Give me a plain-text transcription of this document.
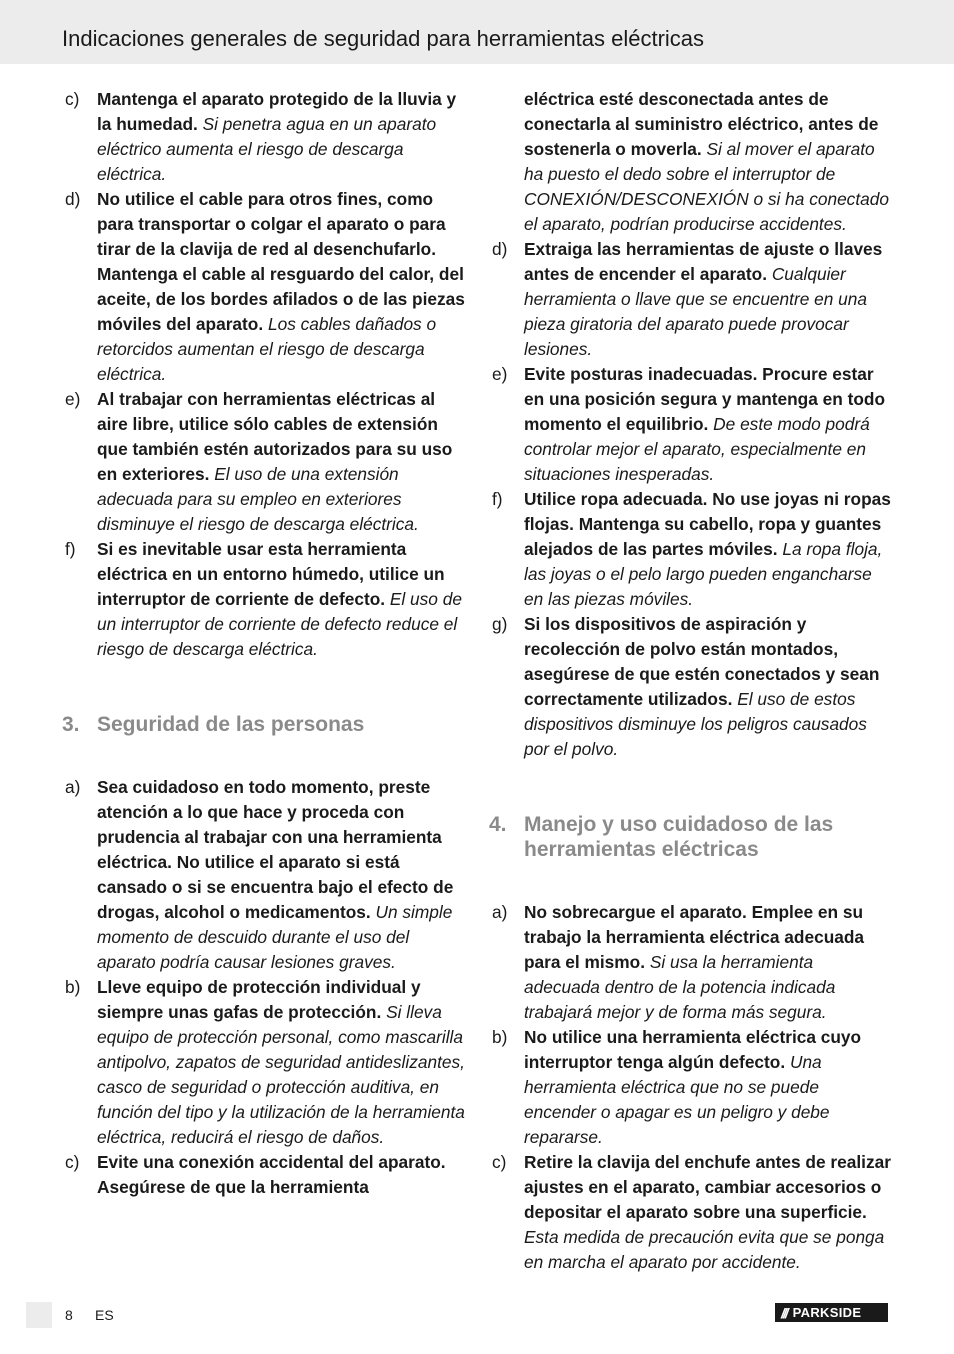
Indicaciones generales de seguridad para herramientas eléctricas

c) Mantenga el aparato protegido de la lluvia y la humedad. Si penetra agua en un aparato eléctrico aumenta el riesgo de descarga eléctrica.

d) No utilice el cable para otros fines, como para transportar o colgar el aparato o para tirar de la clavija de red al desenchufarlo. Mantenga el cable al resguardo del calor, del aceite, de los bordes afilados o de las piezas móviles del aparato. Los cables dañados o retorcidos aumentan el riesgo de descarga eléctrica.

e) Al trabajar con herramientas eléctricas al aire libre, utilice sólo cables de extensión que también estén autorizados para su uso en exteriores. El uso de una extensión adecuada para su empleo en exteriores disminuye el riesgo de descarga eléctrica.

f) Si es inevitable usar esta herramienta eléctrica en un entorno húmedo, utilice un interruptor de corriente de defecto. El uso de un interruptor de corriente de defecto reduce el riesgo de descarga eléctrica.

3. Seguridad de las personas

a) Sea cuidadoso en todo momento, preste atención a lo que hace y proceda con prudencia al trabajar con una herramienta eléctrica. No utilice el aparato si está cansado o si se encuentra bajo el efecto de drogas, alcohol o medicamentos. Un simple momento de descuido durante el uso del aparato podría causar lesiones graves.

b) Lleve equipo de protección individual y siempre unas gafas de protección. Si lleva equipo de protección personal, como mascarilla antipolvo, zapatos de seguridad antideslizantes, casco de seguridad o protección auditiva, en función del tipo y la utilización de la herramienta eléctrica, reducirá el riesgo de daños.

c) Evite una conexión accidental del aparato. Asegúrese de que la herramienta

eléctrica esté desconectada antes de conectarla al suministro eléctrico, antes de sostenerla o moverla. Si al mover el aparato ha puesto el dedo sobre el interruptor de CONEXIÓN/DESCONEXIÓN o si ha conectado el aparato, podrían producirse accidentes.

d) Extraiga las herramientas de ajuste o llaves antes de encender el aparato. Cualquier herramienta o llave que se encuentre en una pieza giratoria del aparato puede provocar lesiones.

e) Evite posturas inadecuadas. Procure estar en una posición segura y mantenga en todo momento el equilibrio. De este modo podrá controlar mejor el aparato, especialmente en situaciones inesperadas.

f) Utilice ropa adecuada. No use joyas ni ropas flojas. Mantenga su cabello, ropa y guantes alejados de las partes móviles. La ropa floja, las joyas o el pelo largo pueden engancharse en las piezas móviles.

g) Si los dispositivos de aspiración y recolección de polvo están montados, asegúrese de que estén conectados y sean correctamente utilizados. El uso de estos dispositivos disminuye los peligros causados por el polvo.

4. Manejo y uso cuidadoso de las herramientas eléctricas

a) No sobrecargue el aparato. Emplee en su trabajo la herramienta eléctrica adecuada para el mismo. Si usa la herramienta adecuada dentro de la potencia indicada trabajará mejor y de forma más segura.

b) No utilice una herramienta eléctrica cuyo interruptor tenga algún defecto. Una herramienta eléctrica que no se puede encender o apagar es un peligro y debe repararse.

c) Retire la clavija del enchufe antes de realizar ajustes en el aparato, cambiar accesorios o depositar el aparato sobre una superficie. Esta medida de precaución evita que se ponga en marcha el aparato por accidente.

8 ES	/// PARKSIDE
